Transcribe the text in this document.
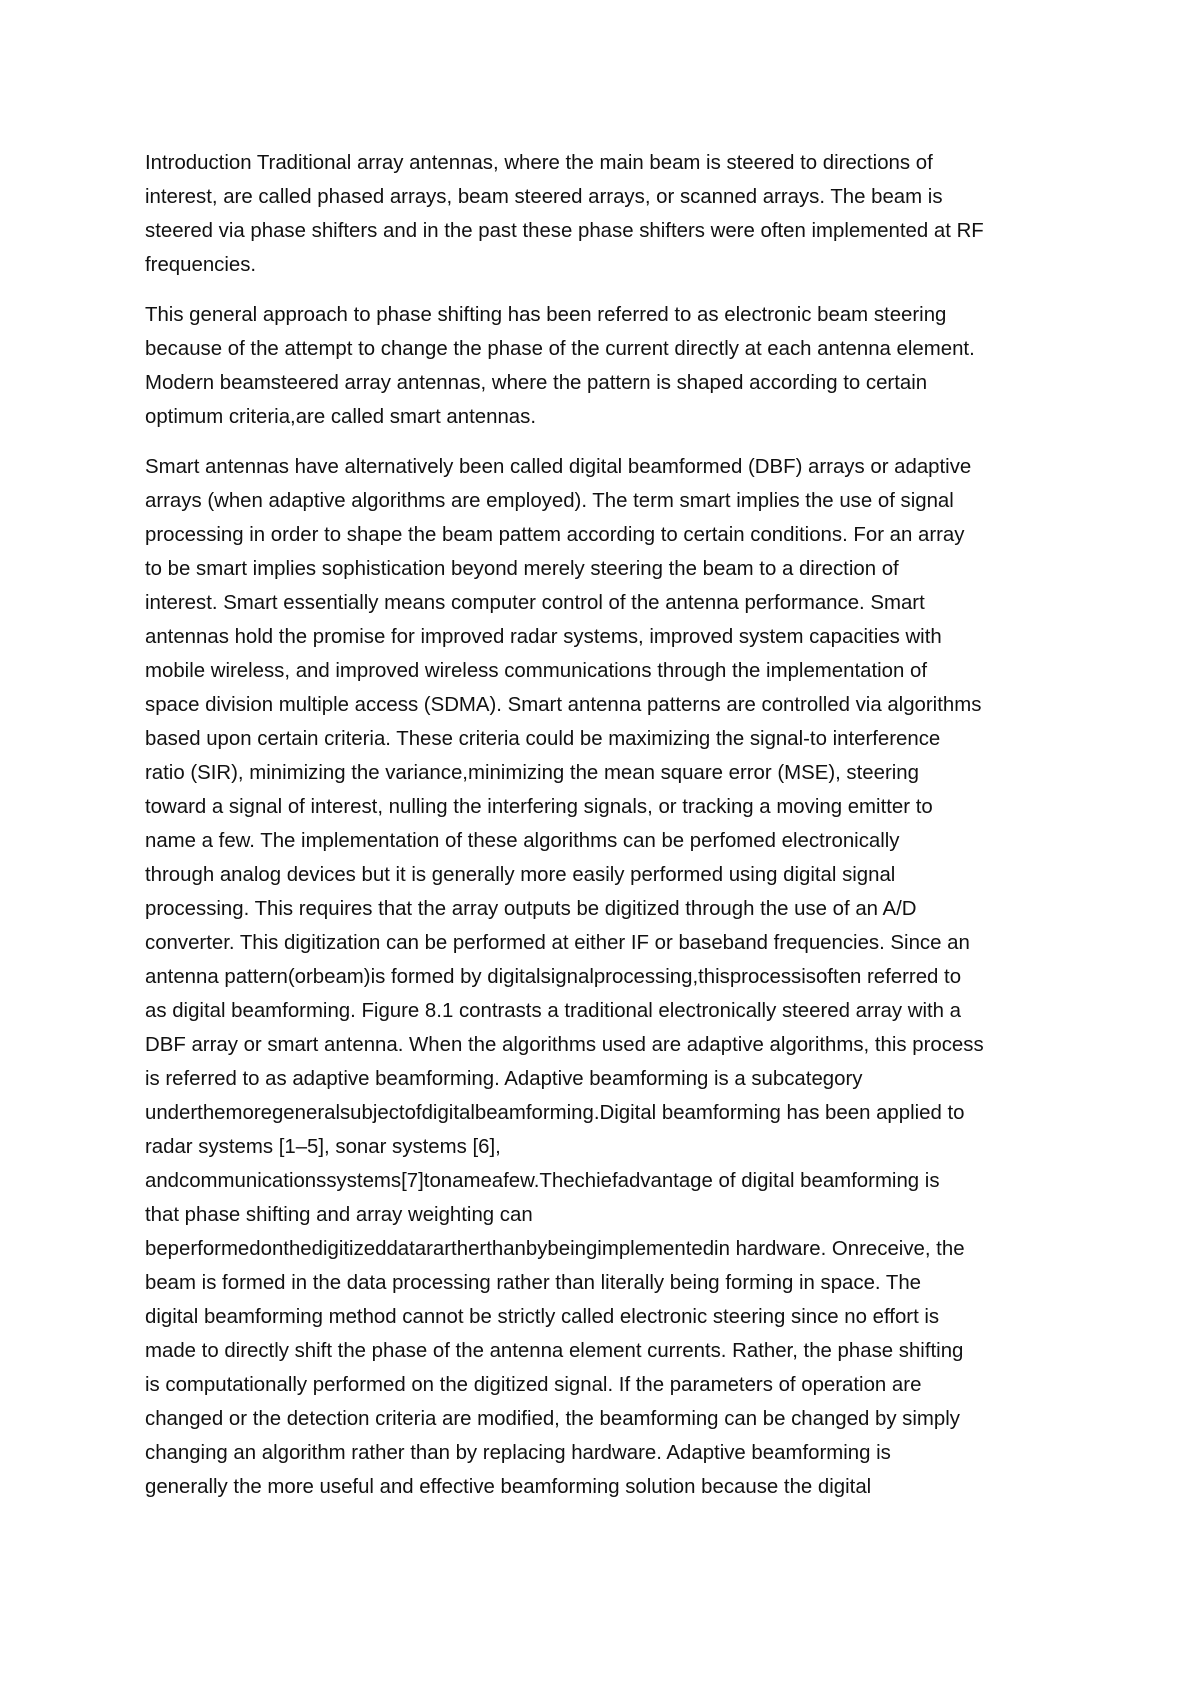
Introduction Traditional array antennas, where the main beam is steered to directions of
interest, are called phased arrays, beam steered arrays, or scanned arrays. The beam is
steered via phase shifters and in the past these phase shifters were often implemented at RF
frequencies.

This general approach to phase shifting has been referred to as electronic beam steering
because of the attempt to change the phase of the current directly at each antenna element.
Modern beamsteered array antennas, where the pattern is shaped according to certain
optimum criteria,are called smart antennas.

Smart antennas have alternatively been called digital beamformed (DBF) arrays or adaptive
arrays (when adaptive algorithms are employed). The term smart implies the use of signal
processing in order to shape the beam pattem according to certain conditions. For an array
to be smart implies sophistication beyond merely steering the beam to a direction of
interest. Smart essentially means computer control of the antenna performance. Smart
antennas hold the promise for improved radar systems, improved system capacities with
mobile wireless, and improved wireless communications through the implementation of
space division multiple access (SDMA). Smart antenna patterns are controlled via algorithms
based upon certain criteria. These criteria could be maximizing the signal-to interference
ratio (SIR), minimizing the variance,minimizing the mean square error (MSE), steering
toward a signal of interest, nulling the interfering signals, or tracking a moving emitter to
name a few. The implementation of these algorithms can be perfomed electronically
through analog devices but it is generally more easily performed using digital signal
processing. This requires that the array outputs be digitized through the use of an A/D
converter. This digitization can be performed at either IF or baseband frequencies. Since an
antenna pattern(orbeam)is formed by digitalsignalprocessing,thisprocessisoften referred to
as digital beamforming. Figure 8.1 contrasts a traditional electronically steered array with a
DBF array or smart antenna. When the algorithms used are adaptive algorithms, this process
is referred to as adaptive beamforming. Adaptive beamforming is a subcategory
underthemoregeneralsubjectofdigitalbeamforming.Digital beamforming has been applied to
radar systems [1–5], sonar systems [6],
andcommunicationssystems[7]tonameafew.Thechiefadvantage of digital beamforming is
that phase shifting and array weighting can
beperformedonthedigitizeddatarartherthanbybeingimplementedin hardware. Onreceive, the
beam is formed in the data processing rather than literally being forming in space. The
digital beamforming method cannot be strictly called electronic steering since no effort is
made to directly shift the phase of the antenna element currents. Rather, the phase shifting
is computationally performed on the digitized signal. If the parameters of operation are
changed or the detection criteria are modified, the beamforming can be changed by simply
changing an algorithm rather than by replacing hardware. Adaptive beamforming is
generally the more useful and effective beamforming solution because the digital
